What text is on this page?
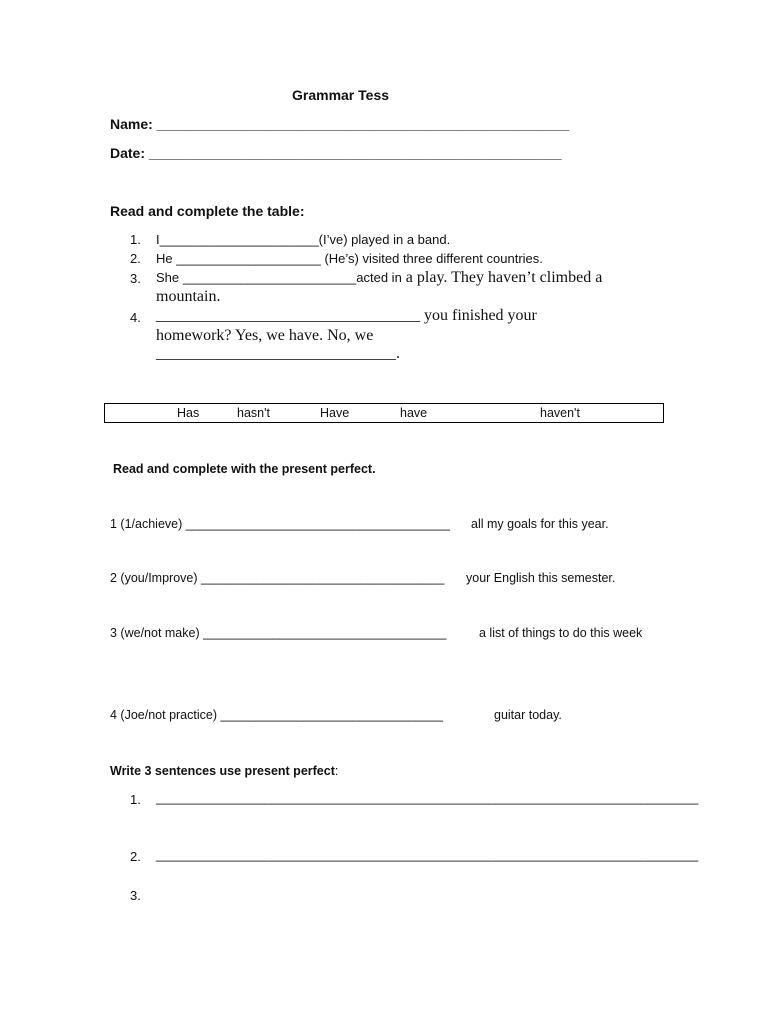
Grammar Tess
Name: _____________________________________________________
Date: _____________________________________________________
Read and complete the table:
1. I______________________(I’ve) played in a band.
2. He ____________________ (He’s) visited three different countries.
3. She ________________________acted in a play. They haven’t climbed a
mountain.
4. _________________________________ you finished your
homework? Yes, we have. No, we
______________________________.
Has	hasn't	Have	have	haven't
Read and complete with the present perfect.
1 (1/achieve) ______________________________________ all my goals for this year.
2 (you/Improve) ___________________________________ your English this semester.
3 (we/not make) ___________________________________	a list of things to do this week
4 (Joe/not practice) ________________________________	guitar today.
Write 3 sentences use present perfect:
1. ___________________________________________________________________________
2. ___________________________________________________________________________
3.
